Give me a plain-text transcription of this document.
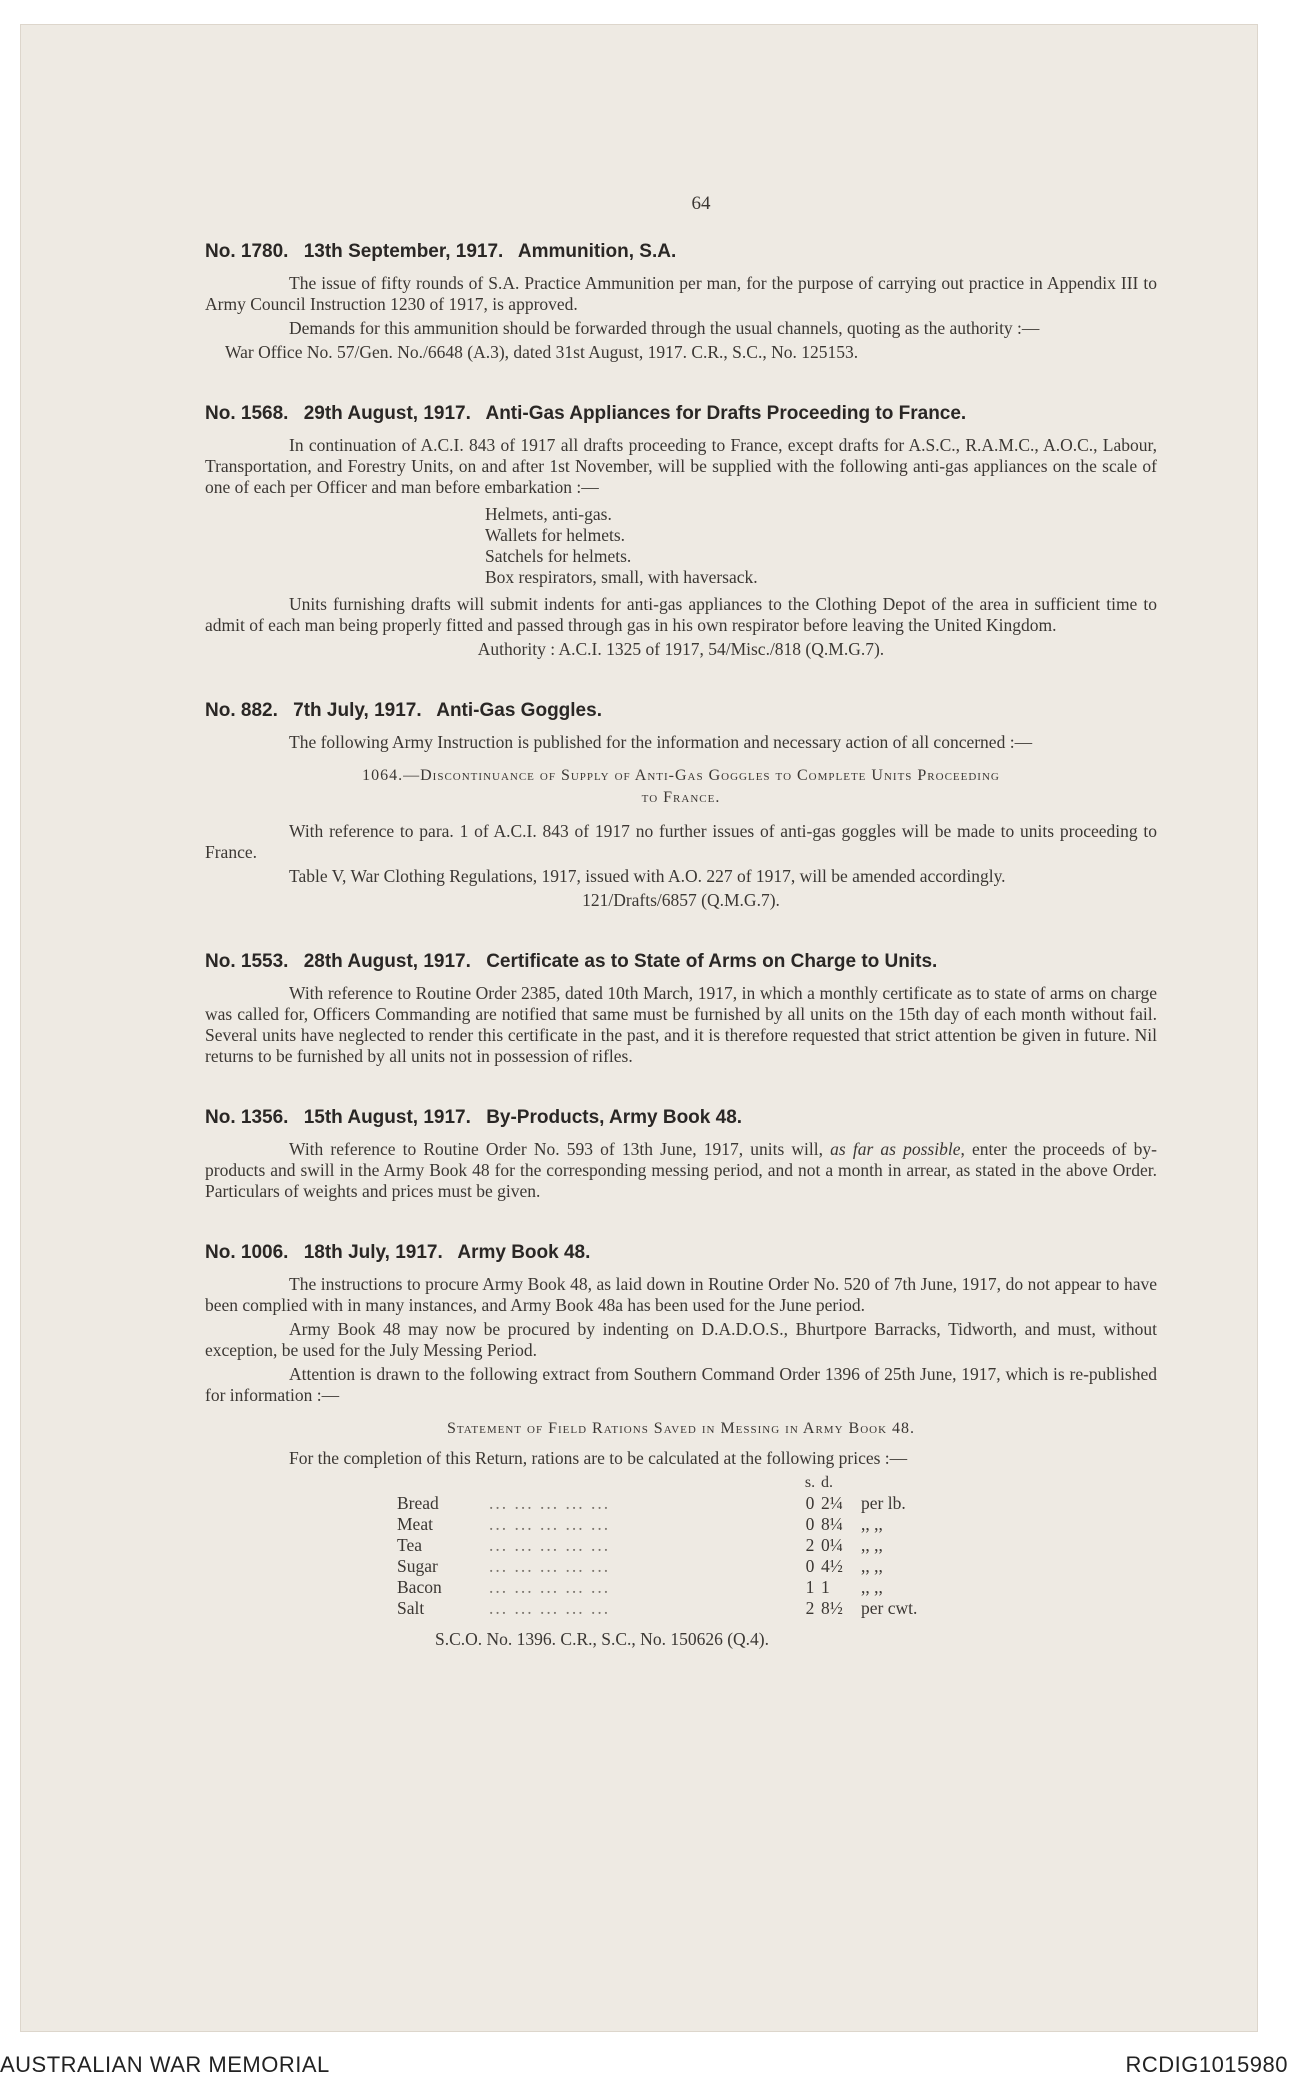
64
No. 1780. 13th September, 1917. Ammunition, S.A.

The issue of fifty rounds of S.A. Practice Ammunition per man, for the purpose of carrying out practice in Appendix III to Army Council Instruction 1230 of 1917, is approved.

Demands for this ammunition should be forwarded through the usual channels, quoting as the authority :—

War Office No. 57/Gen. No./6648 (A.3), dated 31st August, 1917. C.R., S.C., No. 125153.
No. 1568. 29th August, 1917. Anti-Gas Appliances for Drafts Proceeding to France.

In continuation of A.C.I. 843 of 1917 all drafts proceeding to France, except drafts for A.S.C., R.A.M.C., A.O.C., Labour, Transportation, and Forestry Units, on and after 1st November, will be supplied with the following anti-gas appliances on the scale of one of each per Officer and man before embarkation :—

Helmets, anti-gas.
Wallets for helmets.
Satchels for helmets.
Box respirators, small, with haversack.

Units furnishing drafts will submit indents for anti-gas appliances to the Clothing Depot of the area in sufficient time to admit of each man being properly fitted and passed through gas in his own respirator before leaving the United Kingdom.

Authority : A.C.I. 1325 of 1917, 54/Misc./818 (Q.M.G.7).
No. 882. 7th July, 1917. Anti-Gas Goggles.

The following Army Instruction is published for the information and necessary action of all concerned :—

1064.—Discontinuance of Supply of Anti-Gas Goggles to Complete Units Proceeding
to France.

With reference to para. 1 of A.C.I. 843 of 1917 no further issues of anti-gas goggles will be made to units proceeding to France.

Table V, War Clothing Regulations, 1917, issued with A.O. 227 of 1917, will be amended accordingly.

121/Drafts/6857 (Q.M.G.7).
No. 1553. 28th August, 1917. Certificate as to State of Arms on Charge to Units.

With reference to Routine Order 2385, dated 10th March, 1917, in which a monthly certificate as to state of arms on charge was called for, Officers Commanding are notified that same must be furnished by all units on the 15th day of each month without fail. Several units have neglected to render this certificate in the past, and it is therefore requested that strict attention be given in future. Nil returns to be furnished by all units not in possession of rifles.

No. 1356. 15th August, 1917. By-Products, Army Book 48.

With reference to Routine Order No. 593 of 13th June, 1917, units will, as far as possible, enter the proceeds of by-products and swill in the Army Book 48 for the corresponding messing period, and not a month in arrear, as stated in the above Order. Particulars of weights and prices must be given.

No. 1006. 18th July, 1917. Army Book 48.

The instructions to procure Army Book 48, as laid down in Routine Order No. 520 of 7th June, 1917, do not appear to have been complied with in many instances, and Army Book 48a has been used for the June period.

Army Book 48 may now be procured by indenting on D.A.D.O.S., Bhurtpore Barracks, Tidworth, and must, without exception, be used for the July Messing Period.

Attention is drawn to the following extract from Southern Command Order 1396 of 25th June, 1917, which is re-published for information :—

Statement of Field Rations Saved in Messing in Army Book 48.

For the completion of this Return, rations are to be calculated at the following prices :—

s. d.
Bread	... ... ... ... ...	0 2¼	per lb.
Meat	... ... ... ... ...	0 8¼	,, ,,
Tea	... ... ... ... ...	2 0¼	,, ,,
Sugar	... ... ... ... ...	0 4½	,, ,,
Bacon	... ... ... ... ...	1 1	,, ,,
Salt	... ... ... ... ...	2 8½	per cwt.
S.C.O. No. 1396. C.R., S.C., No. 150626 (Q.4).
AUSTRALIAN WAR MEMORIAL	RCDIG1015980
